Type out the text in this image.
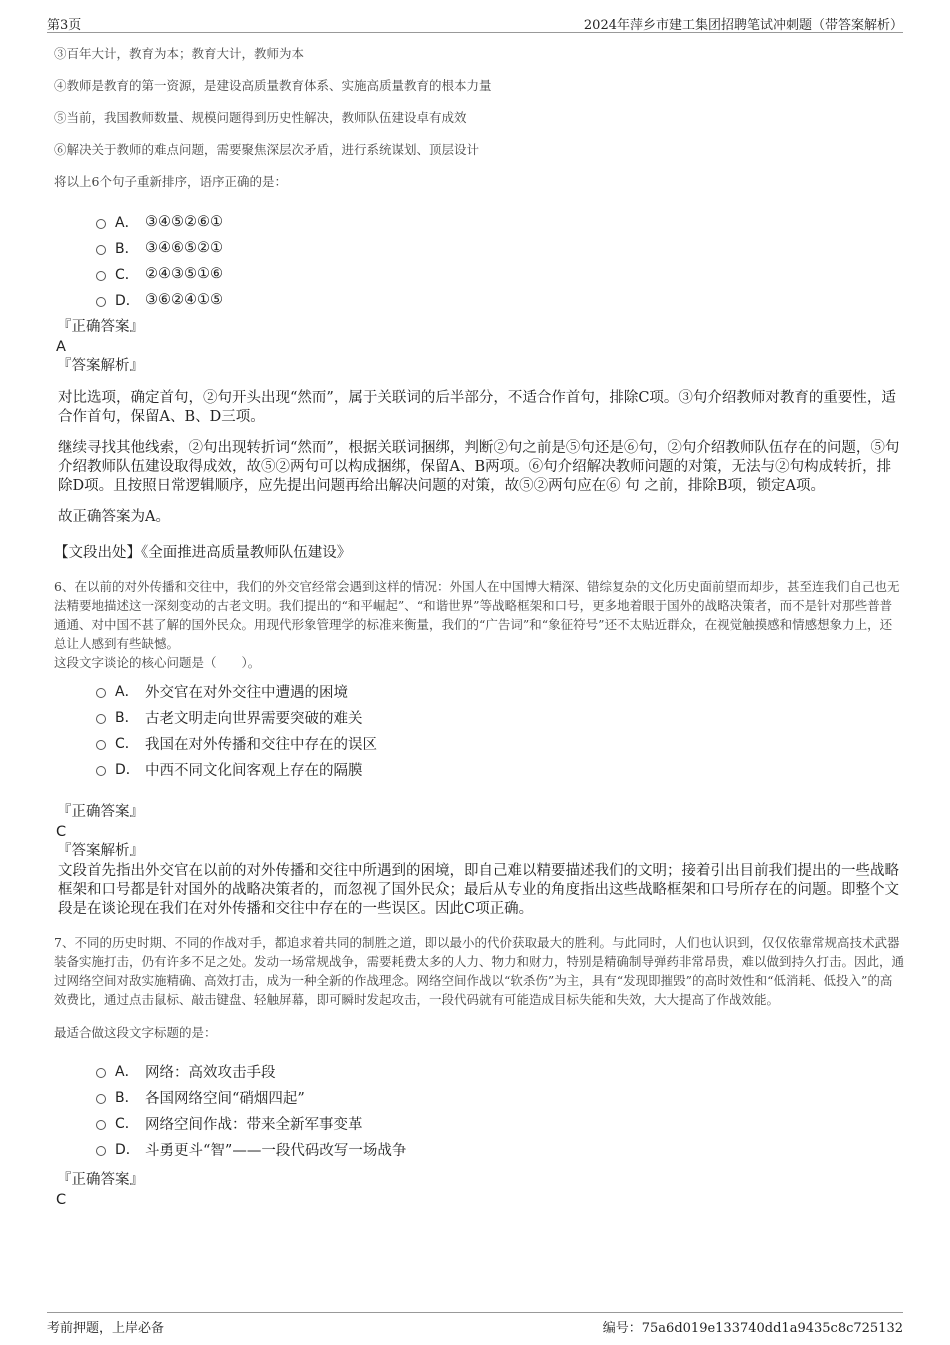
第3页	2024年萍乡市建工集团招聘笔试冲刺题（带答案解析）

③百年大计，教育为本；教育大计，教师为本

④教师是教育的第一资源，是建设高质量教育体系、实施高质量教育的根本力量

⑤当前，我国教师数量、规模问题得到历史性解决，教师队伍建设卓有成效

⑥解决关于教师的难点问题，需要聚焦深层次矛盾，进行系统谋划、顶层设计

将以上6个句子重新排序，语序正确的是：

A． ③④⑤②⑥①
B． ③④⑥⑤②①
C． ②④③⑤①⑥
D． ③⑥②④①⑤
『正确答案』
A
『答案解析』

对比选项，确定首句，②句开头出现“然而”，属于关联词的后半部分，不适合作首句，排除C项。③句介绍教师对教育的重要性，适合作首句，保留A、B、D三项。

继续寻找其他线索，②句出现转折词“然而”，根据关联词捆绑，判断②句之前是⑤句还是⑥句，②句介绍教师队伍存在的问题，⑤句介绍教师队伍建设取得成效，故⑤②两句可以构成捆绑，保留A、B两项。⑥句介绍解决教师问题的对策，无法与②句构成转折，排除D项。且按照日常逻辑顺序，应先提出问题再给出解决问题的对策，故⑤②两句应在⑥ 句 之前，排除B项，锁定A项。

故正确答案为A。

【文段出处】《全面推进高质量教师队伍建设》

6、在以前的对外传播和交往中，我们的外交官经常会遇到这样的情况：外国人在中国博大精深、错综复杂的文化历史面前望而却步，甚至连我们自己也无法精要地描述这一深刻变动的古老文明。我们提出的“和平崛起”、“和谐世界”等战略框架和口号，更多地着眼于国外的战略决策者，而不是针对那些普普通通、对中国不甚了解的国外民众。用现代形象管理学的标准来衡量，我们的“广告词”和“象征符号”还不太贴近群众，在视觉触摸感和情感想象力上，还总让人感到有些缺憾。

这段文字谈论的核心问题是（　　）。

A． 外交官在对外交往中遭遇的困境
B． 古老文明走向世界需要突破的难关
C． 我国在对外传播和交往中存在的误区
D． 中西不同文化间客观上存在的隔膜
『正确答案』
C
『答案解析』

文段首先指出外交官在以前的对外传播和交往中所遇到的困境，即自己难以精要描述我们的文明；接着引出目前我们提出的一些战略框架和口号都是针对国外的战略决策者的，而忽视了国外民众；最后从专业的角度指出这些战略框架和口号所存在的问题。即整个文段是在谈论现在我们在对外传播和交往中存在的一些误区。因此C项正确。

7、不同的历史时期、不同的作战对手，都追求着共同的制胜之道，即以最小的代价获取最大的胜利。与此同时，人们也认识到，仅仅依靠常规高技术武器装备实施打击，仍有许多不足之处。发动一场常规战争，需要耗费太多的人力、物力和财力，特别是精确制导弹药非常昂贵，难以做到持久打击。因此，通过网络空间对敌实施精确、高效打击，成为一种全新的作战理念。网络空间作战以“软杀伤”为主，具有“发现即摧毁”的高时效性和“低消耗、低投入”的高效费比，通过点击鼠标、敲击键盘、轻触屏幕，即可瞬时发起攻击，一段代码就有可能造成目标失能和失效，大大提高了作战效能。

最适合做这段文字标题的是：

A． 网络：高效攻击手段
B． 各国网络空间“硝烟四起”
C． 网络空间作战：带来全新军事变革
D． 斗勇更斗“智”——一段代码改写一场战争
『正确答案』
C
考前押题，上岸必备	编号：75a6d019e133740dd1a9435c8c725132
